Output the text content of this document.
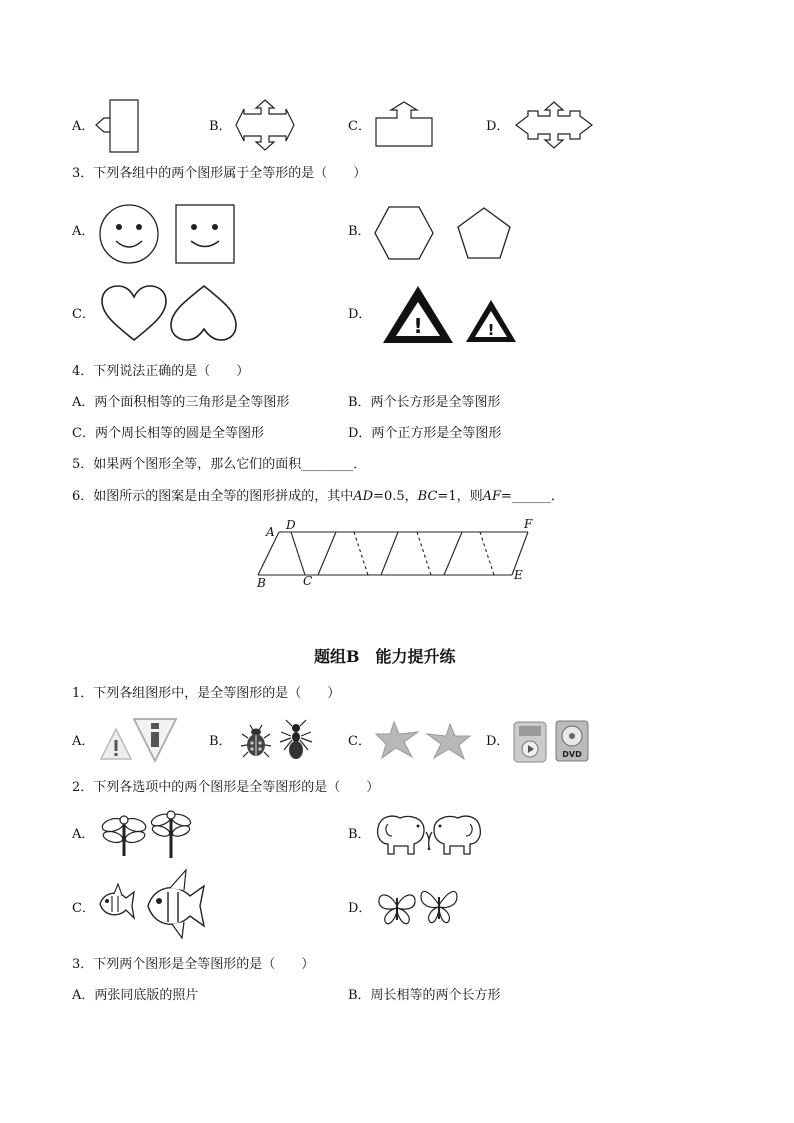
A．	B．	C．	D．
3．下列各组中的两个图形属于全等形的是（　　）
A．	B．
C．	D． !	!
4．下列说法正确的是（　　）
A．两个面积相等的三角形是全等图形	B．两个长方形是全等图形
C．两个周长相等的圆是全等图形	D．两个正方形是全等图形
5．如果两个图形全等，那么它们的面积________．
6．如图所示的图案是由全等的图形拼成的，其中AD=0.5，BC=1，则AF=______．
A D	F
B	C	E
题组B　能力提升练
1．下列各组图形中，是全等图形的是（　　）
A．	B．	C．	D．
DVD
2．下列各选项中的两个图形是全等图形的是（　　）
A．	B．
C．	D．
3．下列两个图形是全等图形的是（　　）
A．两张同底版的照片	B．周长相等的两个长方形
